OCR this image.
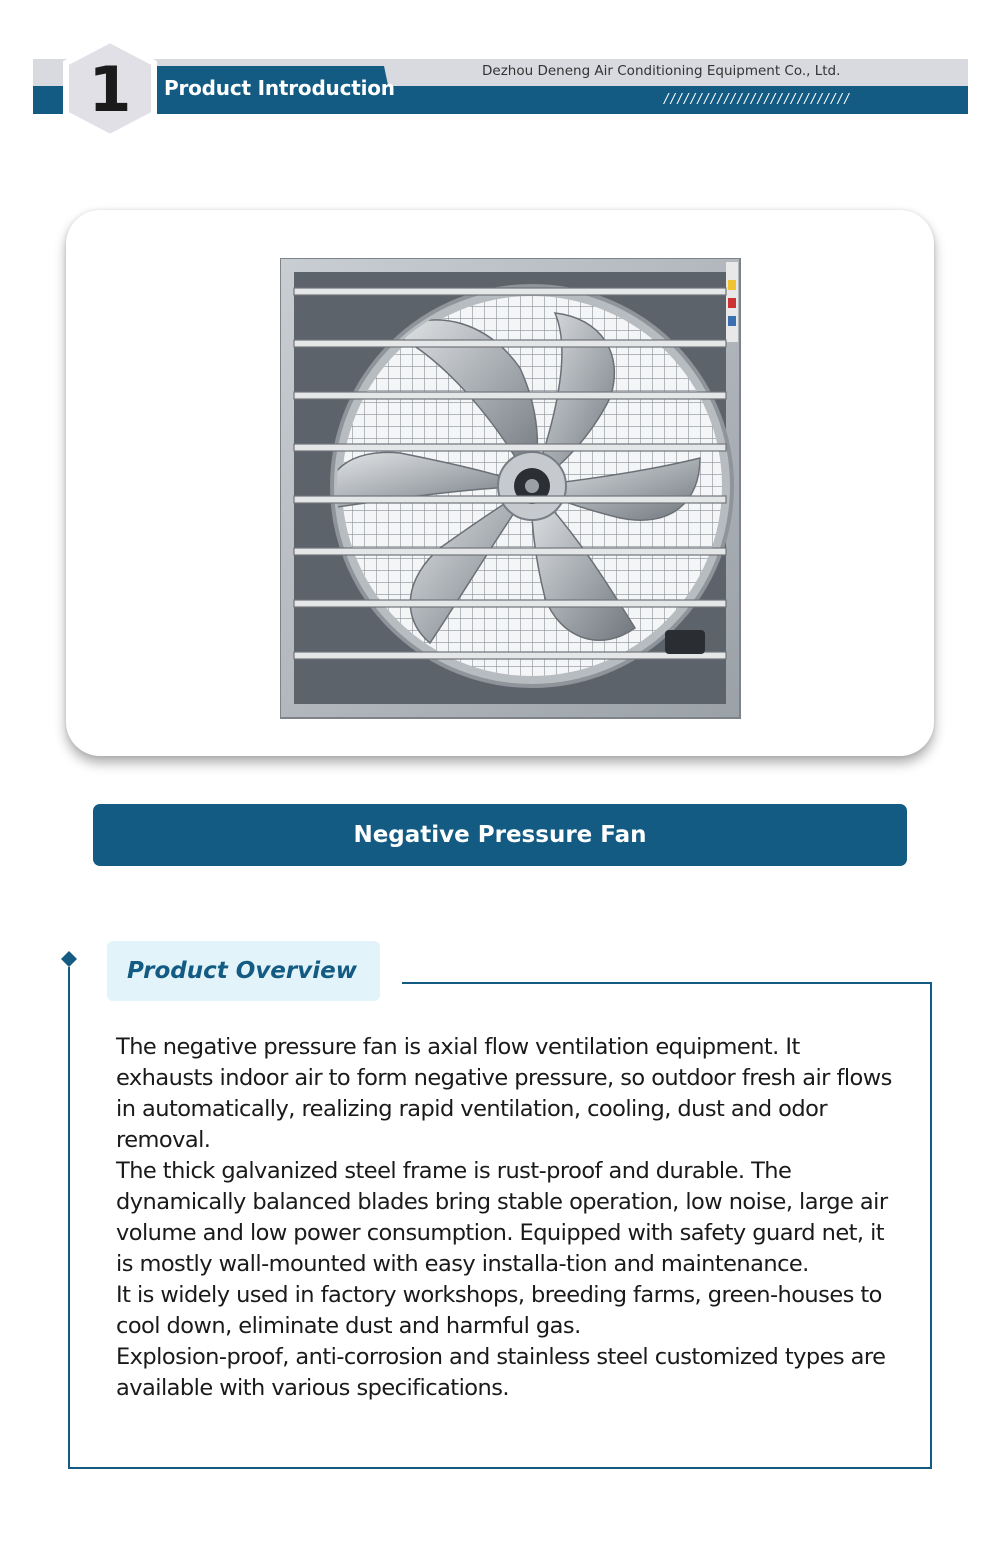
1	Product Introduction
Dezhou Deneng Air Conditioning Equipment Co., Ltd.
////////////////////////////
Negative Pressure Fan
Product Overview

The negative pressure fan is axial flow ventilation equipment. It exhausts indoor air to form negative pressure, so outdoor fresh air flows in automatically, realizing rapid ventilation, cooling, dust and odor removal.

The thick galvanized steel frame is rust-proof and durable. The dynamically balanced blades bring stable operation, low noise, large air volume and low power consumption. Equipped with safety guard net, it is mostly wall-mounted with easy installa-tion and maintenance.

It is widely used in factory workshops, breeding farms, green-houses to cool down, eliminate dust and harmful gas.

Explosion-proof, anti-corrosion and stainless steel customized types are available with various specifications.
